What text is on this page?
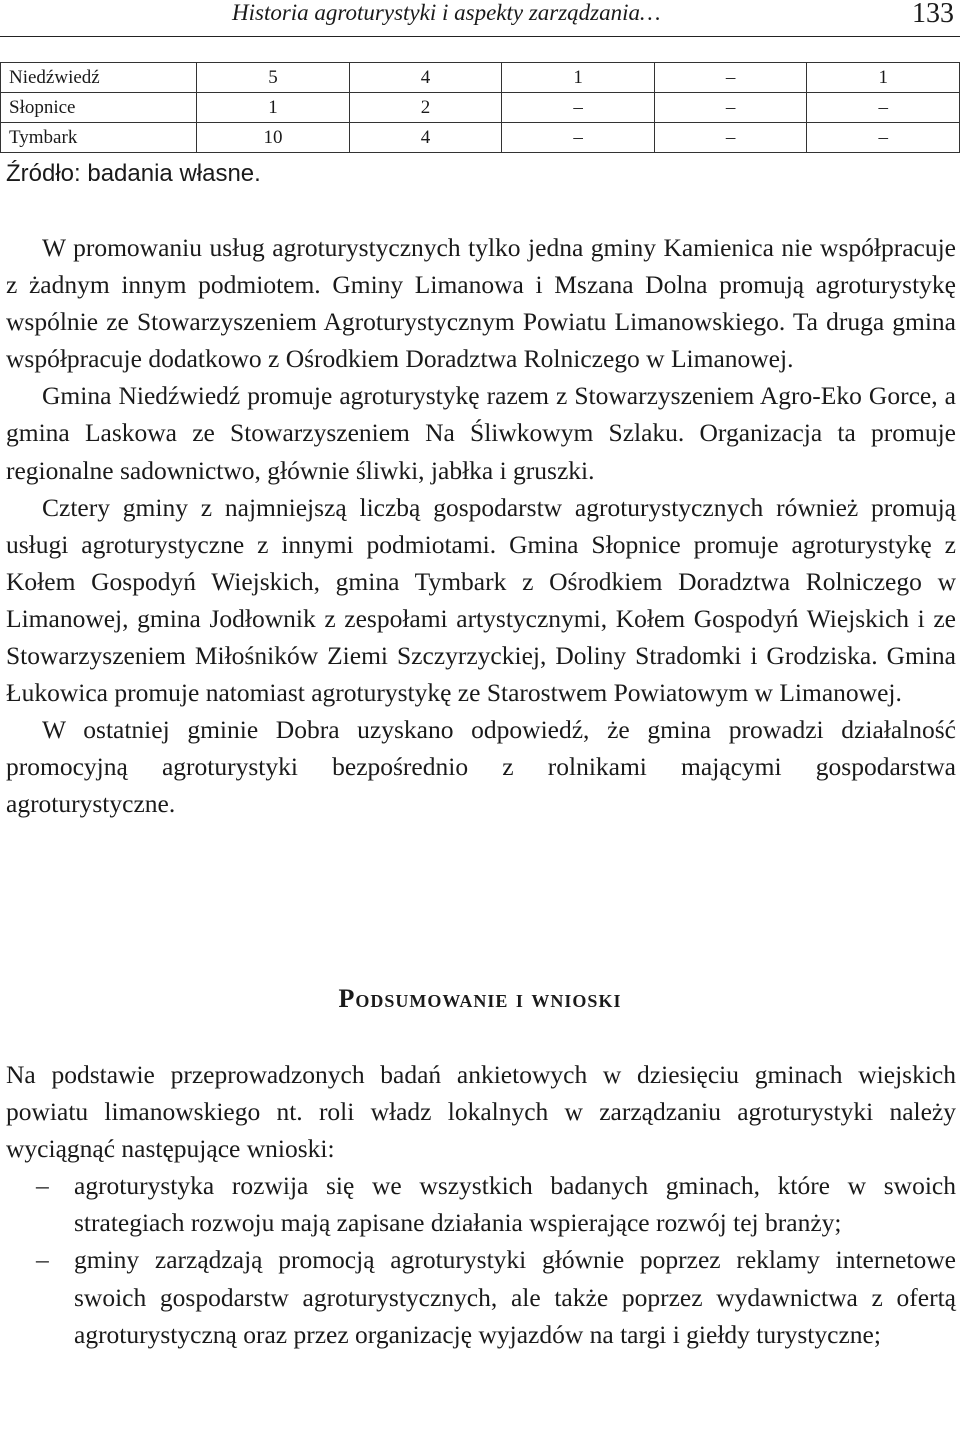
Historia agroturystyki i aspekty zarządzania…	133
Niedźwiedź	5	4	1	–	1
Słopnice	1	2	–	–	–
Tymbark	10	4	–	–	–
Źródło: badania własne.

W promowaniu usług agroturystycznych tylko jedna gminy Kamienica nie współpracuje z żadnym innym podmiotem. Gminy Limanowa i Mszana Dolna promują agroturystykę wspólnie ze Stowarzyszeniem Agroturystycznym Powiatu Limanowskiego. Ta druga gmina współpracuje dodatkowo z Ośrodkiem Doradztwa Rolniczego w Limanowej.

Gmina Niedźwiedź promuje agroturystykę razem z Stowarzyszeniem Agro-Eko Gorce, a gmina Laskowa ze Stowarzyszeniem Na Śliwkowym Szlaku. Organizacja ta promuje regionalne sadownictwo, głównie śliwki, jabłka i gruszki.

Cztery gminy z najmniejszą liczbą gospodarstw agroturystycznych również promują usługi agroturystyczne z innymi podmiotami. Gmina Słopnice promuje agroturystykę z Kołem Gospodyń Wiejskich, gmina Tymbark z Ośrodkiem Doradztwa Rolniczego w Limanowej, gmina Jodłownik z zespołami artystycznymi, Kołem Gospodyń Wiejskich i ze Stowarzyszeniem Miłośników Ziemi Szczyrzyckiej, Doliny Stradomki i Grodziska. Gmina Łukowica promuje natomiast agroturystykę ze Starostwem Powiatowym w Limanowej.

W ostatniej gminie Dobra uzyskano odpowiedź, że gmina prowadzi działalność promocyjną agroturystyki bezpośrednio z rolnikami mającymi gospodarstwa agroturystyczne.

Podsumowanie i wnioski

Na podstawie przeprowadzonych badań ankietowych w dziesięciu gminach wiejskich powiatu limanowskiego nt. roli władz lokalnych w zarządzaniu agroturystyki należy wyciągnąć następujące wnioski:

– agroturystyka rozwija się we wszystkich badanych gminach, które w swoich strategiach rozwoju mają zapisane działania wspierające rozwój tej branży;
– gminy zarządzają promocją agroturystyki głównie poprzez reklamy internetowe swoich gospodarstw agroturystycznych, ale także poprzez wydawnictwa z ofertą agroturystyczną oraz przez organizację wyjazdów na targi i giełdy turystyczne;
